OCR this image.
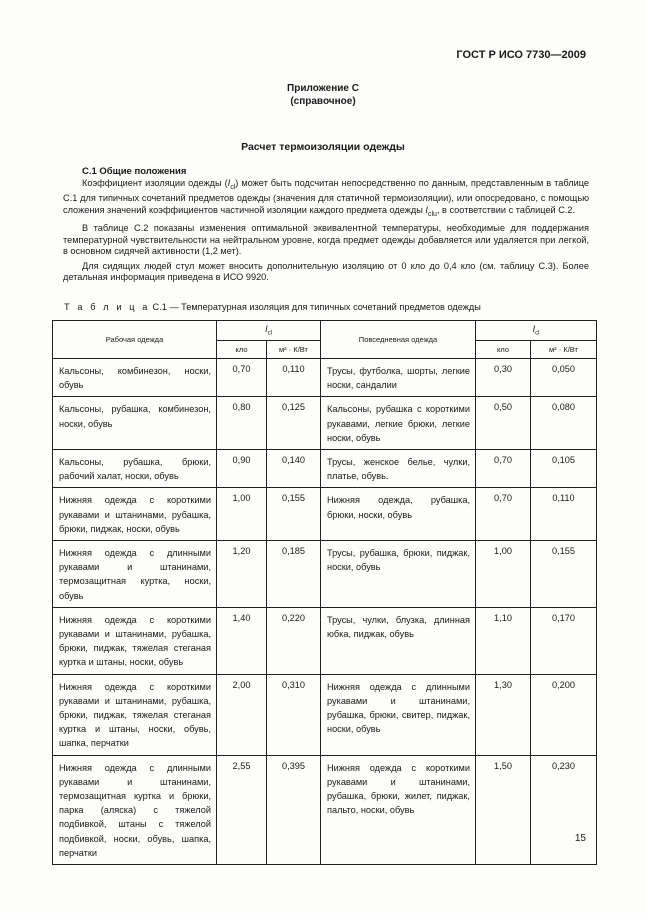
ГОСТ Р ИСО 7730—2009
Приложение С
(справочное)
Расчет термоизоляции одежды
С.1 Общие положения

Коэффициент изоляции одежды $(I_{cl})$ может быть подсчитан непосредственно по данным, представленным в таблице С.1 для типичных сочетаний предметов одежды (значения для статичной термоизоляции), или опосредовано, с помощью сложения значений коэффициентов частичной изоляции каждого предмета одежды $I_{clu}$, в соответствии с таблицей С.2.

В таблице С.2 показаны изменения оптимальной эквивалентной температуры, необходимые для поддержания температурной чувствительности на нейтральном уровне, когда предмет одежды добавляется или удаляется при легкой, в основном сидячей активности (1,2 мет).

Для сидящих людей стул может вносить дополнительную изоляцию от 0 кло до 0,4 кло (см. таблицу С.3). Более детальная информация приведена в ИСО 9920.

Т а б л и ц а С.1 — Температурная изоляция для типичных сочетаний предметов одежды
Рабочая одежда	$I_{cl}$		Повседневная одежда	$I_{cl}$
	кло	м² · К/Вт		кло	м² · К/Вт
Кальсоны, комбинезон, носки, обувь	0,70	0,110	Трусы, футболка, шорты, легкие носки, сандалии	0,30	0,050
Кальсоны, рубашка, комбинезон, носки, обувь	0,80	0,125	Кальсоны, рубашка с короткими рукавами, легкие брюки, легкие носки, обувь	0,50	0,080
Кальсоны, рубашка, брюки, рабочий халат, носки, обувь	0,90	0,140	Трусы, женское белье, чулки, платье, обувь.	0,70	0,105
Нижняя одежда с короткими рукавами и штанинами, рубашка, брюки, пиджак, носки, обувь	1,00	0,155	Нижняя одежда, рубашка, брюки, носки, обувь	0,70	0,110
Нижняя одежда с длинными рукавами и штанинами, термозащитная куртка, носки, обувь	1,20	0,185	Трусы, рубашка, брюки, пиджак, носки, обувь	1,00	0,155
Нижняя одежда с короткими рукавами и штанинами, рубашка, брюки, пиджак, тяжелая стеганая куртка и штаны, носки, обувь	1,40	0,220	Трусы, чулки, блузка, длинная юбка, пиджак, обувь	1,10	0,170
Нижняя одежда с короткими рукавами и штанинами, рубашка, брюки, пиджак, тяжелая стеганая куртка и штаны, носки, обувь, шапка, перчатки	2,00	0,310	Нижняя одежда с длинными рукавами и штанинами, рубашка, брюки, свитер, пиджак, носки, обувь	1,30	0,200
Нижняя одежда с длинными рукавами и штанинами, термозащитная куртка и брюки, парка (аляска) с тяжелой подбивкой, штаны с тяжелой подбивкой, носки, обувь, шапка, перчатки	2,55	0,395	Нижняя одежда с короткими рукавами и штанинами, рубашка, брюки, жилет, пиджак, пальто, носки, обувь	1,50	0,230
15
